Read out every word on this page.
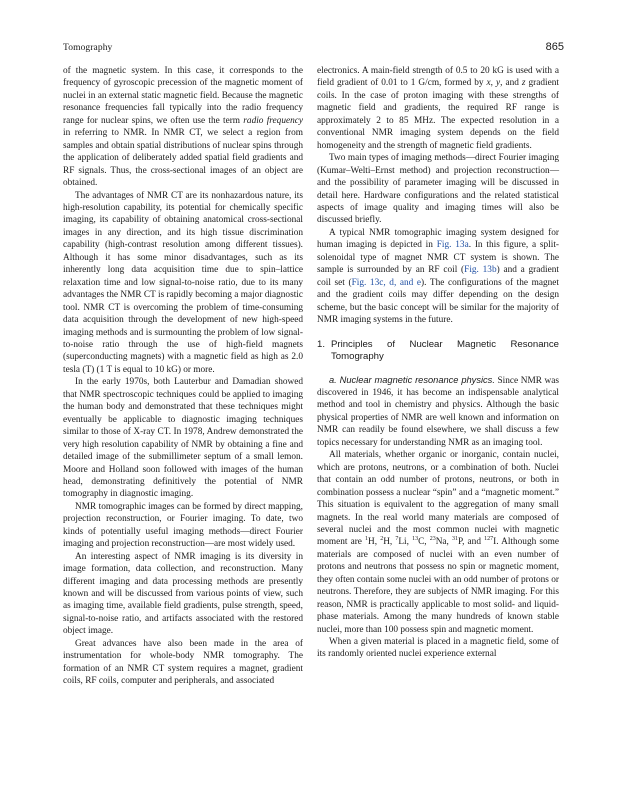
Tomography	865

of the magnetic system. In this case, it corresponds to the frequency of gyroscopic precession of the magnetic moment of nuclei in an external static magnetic field. Because the magnetic resonance frequencies fall typically into the radio frequency range for nuclear spins, we often use the term radio frequency in referring to NMR. In NMR CT, we select a region from samples and obtain spatial distributions of nuclear spins through the application of deliberately added spatial field gradients and RF signals. Thus, the cross-sectional images of an object are obtained.

The advantages of NMR CT are its nonhazardous nature, its high-resolution capability, its potential for chemically specific imaging, its capability of obtaining anatomical cross-sectional images in any direction, and its high tissue discrimination capability (high-contrast resolution among different tissues). Although it has some minor disadvantages, such as its inherently long data acquisition time due to spin–lattice relaxation time and low signal-to-noise ratio, due to its many advantages the NMR CT is rapidly becoming a major diagnostic tool. NMR CT is overcoming the problem of time-consuming data acquisition through the development of new high-speed imaging methods and is surmounting the problem of low signal-to-noise ratio through the use of high-field magnets (superconducting magnets) with a magnetic field as high as 2.0 tesla (T) (1 T is equal to 10 kG) or more.

In the early 1970s, both Lauterbur and Damadian showed that NMR spectroscopic techniques could be applied to imaging the human body and demonstrated that these techniques might eventually be applicable to diagnostic imaging techniques similar to those of X-ray CT. In 1978, Andrew demonstrated the very high resolution capability of NMR by obtaining a fine and detailed image of the submillimeter septum of a small lemon. Moore and Holland soon followed with images of the human head, demonstrating definitively the potential of NMR tomography in diagnostic imaging.

NMR tomographic images can be formed by direct mapping, projection reconstruction, or Fourier imaging. To date, two kinds of potentially useful imaging methods—direct Fourier imaging and projection reconstruction—are most widely used.

An interesting aspect of NMR imaging is its diversity in image formation, data collection, and reconstruction. Many different imaging and data processing methods are presently known and will be discussed from various points of view, such as imaging time, available field gradients, pulse strength, speed, signal-to-noise ratio, and artifacts associated with the restored object image.

Great advances have also been made in the area of instrumentation for whole-body NMR tomography. The formation of an NMR CT system requires a magnet, gradient coils, RF coils, computer and peripherals, and associated

electronics. A main-field strength of 0.5 to 20 kG is used with a field gradient of 0.01 to 1 G/cm, formed by x, y, and z gradient coils. In the case of proton imaging with these strengths of magnetic field and gradients, the required RF range is approximately 2 to 85 MHz. The expected resolution in a conventional NMR imaging system depends on the field homogeneity and the strength of magnetic field gradients.

Two main types of imaging methods—direct Fourier imaging (Kumar–Welti–Ernst method) and projection reconstruction—and the possibility of parameter imaging will be discussed in detail here. Hardware configurations and the related statistical aspects of image quality and imaging times will also be discussed briefly.

A typical NMR tomographic imaging system designed for human imaging is depicted in Fig. 13a. In this figure, a split-solenoidal type of magnet NMR CT system is shown. The sample is surrounded by an RF coil (Fig. 13b) and a gradient coil set (Fig. 13c, d, and e). The configurations of the magnet and the gradient coils may differ depending on the design scheme, but the basic concept will be similar for the majority of NMR imaging systems in the future.

1. Principles of Nuclear Magnetic Resonance Tomography

a. Nuclear magnetic resonance physics. Since NMR was discovered in 1946, it has become an indispensable analytical method and tool in chemistry and physics. Although the basic physical properties of NMR are well known and information on NMR can readily be found elsewhere, we shall discuss a few topics necessary for understanding NMR as an imaging tool.

All materials, whether organic or inorganic, contain nuclei, which are protons, neutrons, or a combination of both. Nuclei that contain an odd number of protons, neutrons, or both in combination possess a nuclear “spin” and a “magnetic moment.” This situation is equivalent to the aggregation of many small magnets. In the real world many materials are composed of several nuclei and the most common nuclei with magnetic moment are $^1$H, $^2$H, $^7$Li, $^{13}$C, $^{23}$Na, $^{31}$P, and $^{127}$I. Although some materials are composed of nuclei with an even number of protons and neutrons that possess no spin or magnetic moment, they often contain some nuclei with an odd number of protons or neutrons. Therefore, they are subjects of NMR imaging. For this reason, NMR is practically applicable to most solid- and liquid-phase materials. Among the many hundreds of known stable nuclei, more than 100 possess spin and magnetic moment.

When a given material is placed in a magnetic field, some of its randomly oriented nuclei experience external
